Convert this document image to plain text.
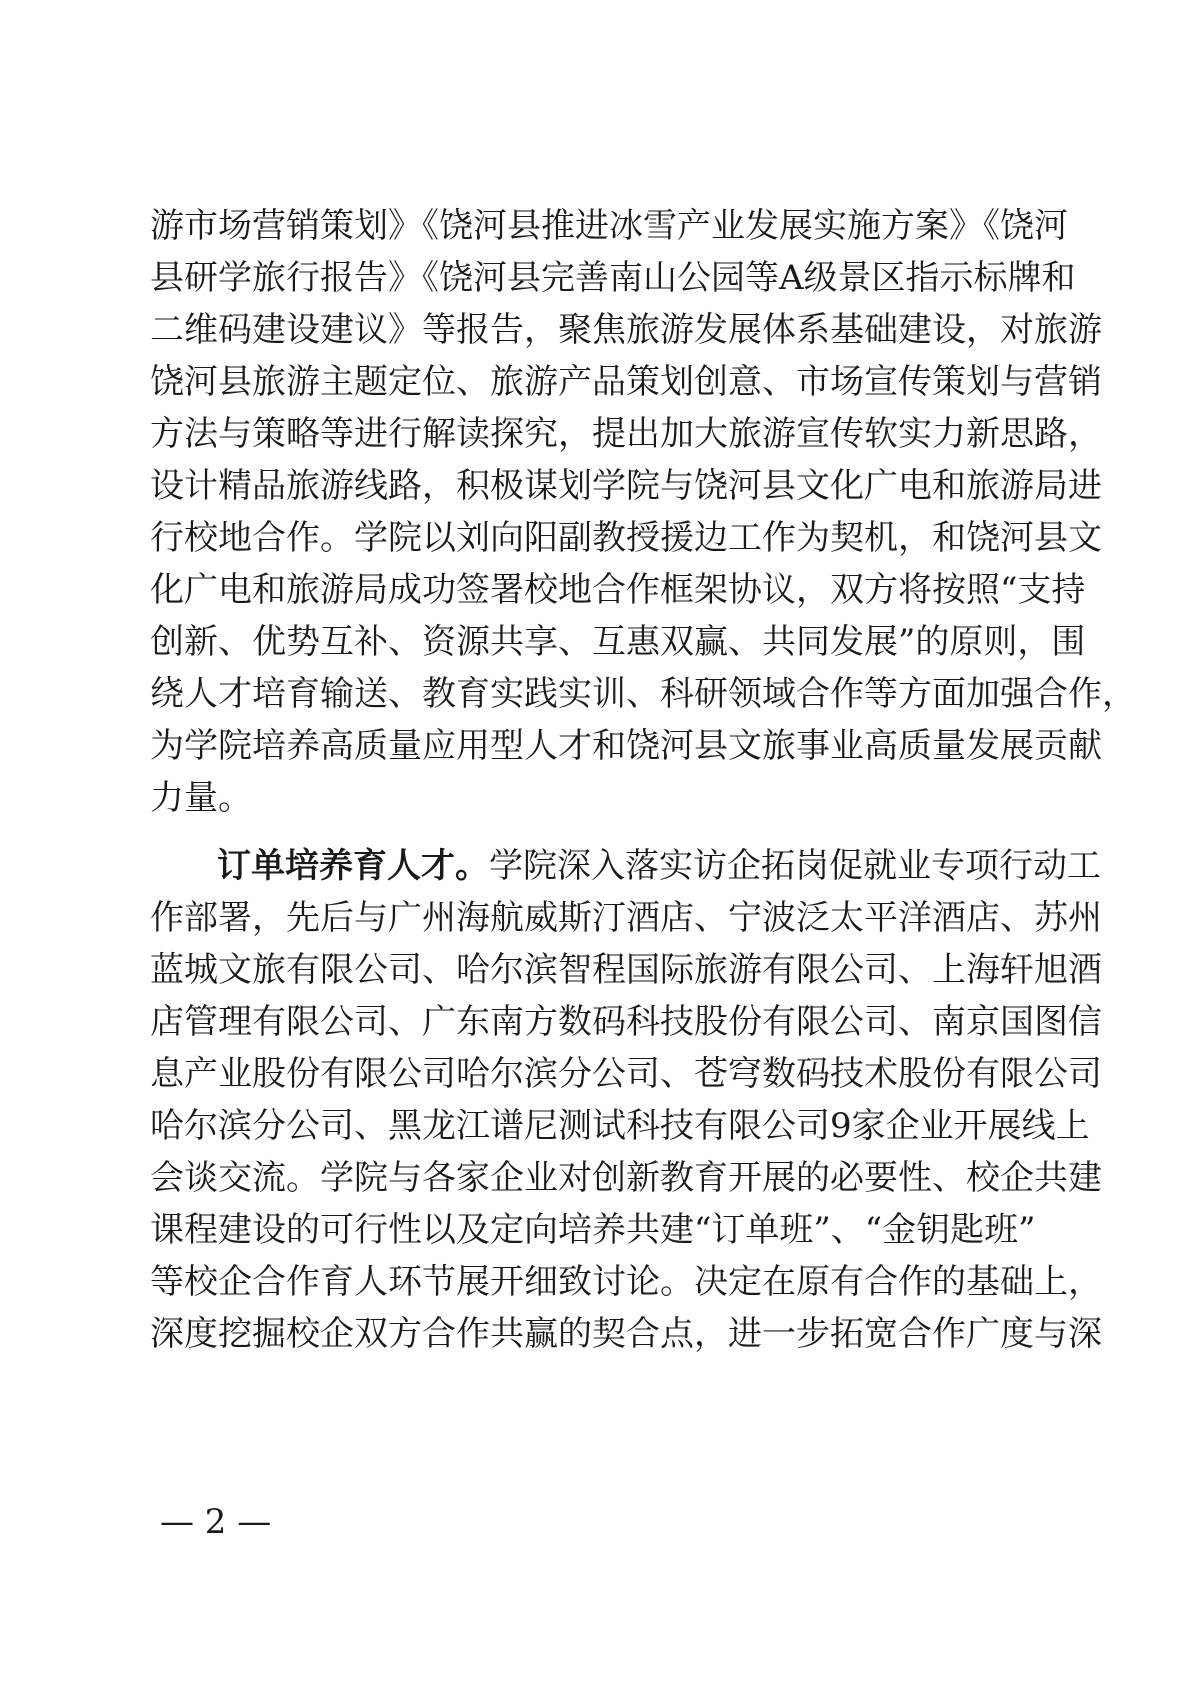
游市场营销策划》《饶河县推进冰雪产业发展实施方案》《饶河
县研学旅行报告》《饶河县完善南山公园等A级景区指示标牌和
二维码建设建议》等报告，聚焦旅游发展体系基础建设，对旅游
饶河县旅游主题定位、旅游产品策划创意、市场宣传策划与营销
方法与策略等进行解读探究，提出加大旅游宣传软实力新思路，
设计精品旅游线路，积极谋划学院与饶河县文化广电和旅游局进
行校地合作。学院以刘向阳副教授援边工作为契机，和饶河县文
化广电和旅游局成功签署校地合作框架协议，双方将按照“支持
创新、优势互补、资源共享、互惠双赢、共同发展”的原则，围
绕人才培育输送、教育实践实训、科研领域合作等方面加强合作，
为学院培养高质量应用型人才和饶河县文旅事业高质量发展贡献
力量。
订单培养育人才。学院深入落实访企拓岗促就业专项行动工
作部署，先后与广州海航威斯汀酒店、宁波泛太平洋酒店、苏州
蓝城文旅有限公司、哈尔滨智程国际旅游有限公司、上海轩旭酒
店管理有限公司、广东南方数码科技股份有限公司、南京国图信
息产业股份有限公司哈尔滨分公司、苍穹数码技术股份有限公司
哈尔滨分公司、黑龙江谱尼测试科技有限公司9家企业开展线上
会谈交流。学院与各家企业对创新教育开展的必要性、校企共建
课程建设的可行性以及定向培养共建“订单班”、“金钥匙班”
等校企合作育人环节展开细致讨论。决定在原有合作的基础上，
深度挖掘校企双方合作共赢的契合点，进一步拓宽合作广度与深
— 2 —
